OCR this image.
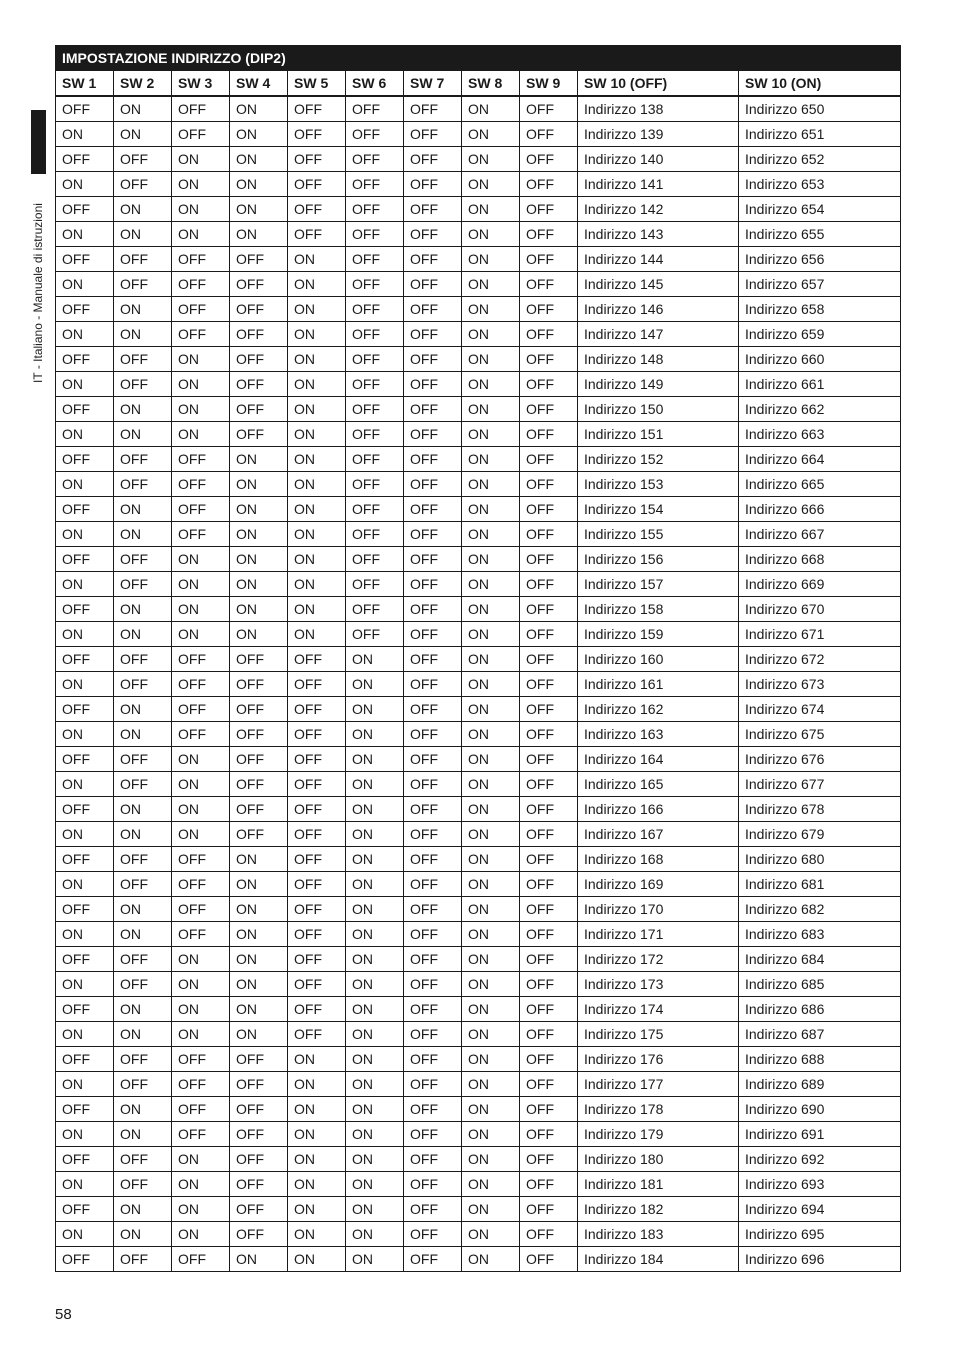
IT - Italiano - Manuale di istruzioni
IMPOSTAZIONE INDIRIZZO (DIP2)										
SW 1	SW 2	SW 3	SW 4	SW 5	SW 6	SW 7	SW 8	SW 9	SW 10 (OFF)	SW 10 (ON)
OFF	ON	OFF	ON	OFF	OFF	OFF	ON	OFF	Indirizzo 138	Indirizzo 650
ON	ON	OFF	ON	OFF	OFF	OFF	ON	OFF	Indirizzo 139	Indirizzo 651
OFF	OFF	ON	ON	OFF	OFF	OFF	ON	OFF	Indirizzo 140	Indirizzo 652
ON	OFF	ON	ON	OFF	OFF	OFF	ON	OFF	Indirizzo 141	Indirizzo 653
OFF	ON	ON	ON	OFF	OFF	OFF	ON	OFF	Indirizzo 142	Indirizzo 654
ON	ON	ON	ON	OFF	OFF	OFF	ON	OFF	Indirizzo 143	Indirizzo 655
OFF	OFF	OFF	OFF	ON	OFF	OFF	ON	OFF	Indirizzo 144	Indirizzo 656
ON	OFF	OFF	OFF	ON	OFF	OFF	ON	OFF	Indirizzo 145	Indirizzo 657
OFF	ON	OFF	OFF	ON	OFF	OFF	ON	OFF	Indirizzo 146	Indirizzo 658
ON	ON	OFF	OFF	ON	OFF	OFF	ON	OFF	Indirizzo 147	Indirizzo 659
OFF	OFF	ON	OFF	ON	OFF	OFF	ON	OFF	Indirizzo 148	Indirizzo 660
ON	OFF	ON	OFF	ON	OFF	OFF	ON	OFF	Indirizzo 149	Indirizzo 661
OFF	ON	ON	OFF	ON	OFF	OFF	ON	OFF	Indirizzo 150	Indirizzo 662
ON	ON	ON	OFF	ON	OFF	OFF	ON	OFF	Indirizzo 151	Indirizzo 663
OFF	OFF	OFF	ON	ON	OFF	OFF	ON	OFF	Indirizzo 152	Indirizzo 664
ON	OFF	OFF	ON	ON	OFF	OFF	ON	OFF	Indirizzo 153	Indirizzo 665
OFF	ON	OFF	ON	ON	OFF	OFF	ON	OFF	Indirizzo 154	Indirizzo 666
ON	ON	OFF	ON	ON	OFF	OFF	ON	OFF	Indirizzo 155	Indirizzo 667
OFF	OFF	ON	ON	ON	OFF	OFF	ON	OFF	Indirizzo 156	Indirizzo 668
ON	OFF	ON	ON	ON	OFF	OFF	ON	OFF	Indirizzo 157	Indirizzo 669
OFF	ON	ON	ON	ON	OFF	OFF	ON	OFF	Indirizzo 158	Indirizzo 670
ON	ON	ON	ON	ON	OFF	OFF	ON	OFF	Indirizzo 159	Indirizzo 671
OFF	OFF	OFF	OFF	OFF	ON	OFF	ON	OFF	Indirizzo 160	Indirizzo 672
ON	OFF	OFF	OFF	OFF	ON	OFF	ON	OFF	Indirizzo 161	Indirizzo 673
OFF	ON	OFF	OFF	OFF	ON	OFF	ON	OFF	Indirizzo 162	Indirizzo 674
ON	ON	OFF	OFF	OFF	ON	OFF	ON	OFF	Indirizzo 163	Indirizzo 675
OFF	OFF	ON	OFF	OFF	ON	OFF	ON	OFF	Indirizzo 164	Indirizzo 676
ON	OFF	ON	OFF	OFF	ON	OFF	ON	OFF	Indirizzo 165	Indirizzo 677
OFF	ON	ON	OFF	OFF	ON	OFF	ON	OFF	Indirizzo 166	Indirizzo 678
ON	ON	ON	OFF	OFF	ON	OFF	ON	OFF	Indirizzo 167	Indirizzo 679
OFF	OFF	OFF	ON	OFF	ON	OFF	ON	OFF	Indirizzo 168	Indirizzo 680
ON	OFF	OFF	ON	OFF	ON	OFF	ON	OFF	Indirizzo 169	Indirizzo 681
OFF	ON	OFF	ON	OFF	ON	OFF	ON	OFF	Indirizzo 170	Indirizzo 682
ON	ON	OFF	ON	OFF	ON	OFF	ON	OFF	Indirizzo 171	Indirizzo 683
OFF	OFF	ON	ON	OFF	ON	OFF	ON	OFF	Indirizzo 172	Indirizzo 684
ON	OFF	ON	ON	OFF	ON	OFF	ON	OFF	Indirizzo 173	Indirizzo 685
OFF	ON	ON	ON	OFF	ON	OFF	ON	OFF	Indirizzo 174	Indirizzo 686
ON	ON	ON	ON	OFF	ON	OFF	ON	OFF	Indirizzo 175	Indirizzo 687
OFF	OFF	OFF	OFF	ON	ON	OFF	ON	OFF	Indirizzo 176	Indirizzo 688
ON	OFF	OFF	OFF	ON	ON	OFF	ON	OFF	Indirizzo 177	Indirizzo 689
OFF	ON	OFF	OFF	ON	ON	OFF	ON	OFF	Indirizzo 178	Indirizzo 690
ON	ON	OFF	OFF	ON	ON	OFF	ON	OFF	Indirizzo 179	Indirizzo 691
OFF	OFF	ON	OFF	ON	ON	OFF	ON	OFF	Indirizzo 180	Indirizzo 692
ON	OFF	ON	OFF	ON	ON	OFF	ON	OFF	Indirizzo 181	Indirizzo 693
OFF	ON	ON	OFF	ON	ON	OFF	ON	OFF	Indirizzo 182	Indirizzo 694
ON	ON	ON	OFF	ON	ON	OFF	ON	OFF	Indirizzo 183	Indirizzo 695
OFF	OFF	OFF	ON	ON	ON	OFF	ON	OFF	Indirizzo 184	Indirizzo 696
58
